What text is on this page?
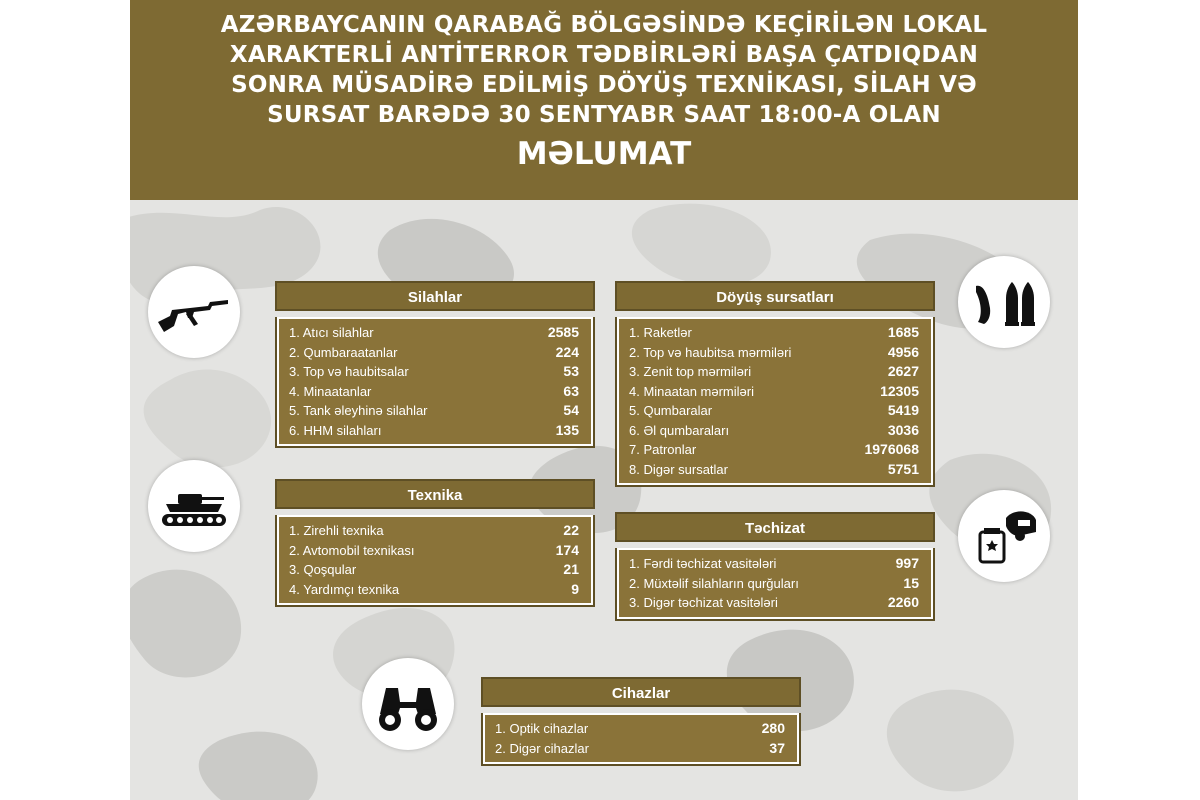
AZƏRBAYCANIN QARABAĞ BÖLGƏSİNDƏ KEÇİRİLƏN LOKAL
XARAKTERLİ ANTİTERROR TƏDBİRLƏRİ BAŞA ÇATDIQDAN
SONRA MÜSADİRƏ EDİLMİŞ DÖYÜŞ TEXNİKASI, SİLAH VƏ
SURSAT BARƏDƏ 30 SENTYABR SAAT 18:00-A OLAN
MƏLUMAT
Silahlar
1. Atıcı silahlar	2585
2. Qumbaraatanlar	224
3. Top və haubitsalar	53
4. Minaatanlar	63
5. Tank əleyhinə silahlar	54
6. HHM silahları	135
Döyüş sursatları
1. Raketlər	1685
2. Top və haubitsa mərmiləri	4956
3. Zenit top mərmiləri	2627
4. Minaatan mərmiləri	12305
5. Qumbaralar	5419
6. Əl qumbaraları	3036
7. Patronlar	1976068
8. Digər sursatlar	5751
Texnika
1. Zirehli texnika	22
2. Avtomobil texnikası	174
3. Qoşqular	21
4. Yardımçı texnika	9
Təchizat
1. Fərdi təchizat vasitələri	997
2. Müxtəlif silahların qurğuları	15
3. Digər təchizat vasitələri	2260
Cihazlar
1. Optik cihazlar	280
2. Digər cihazlar	37
